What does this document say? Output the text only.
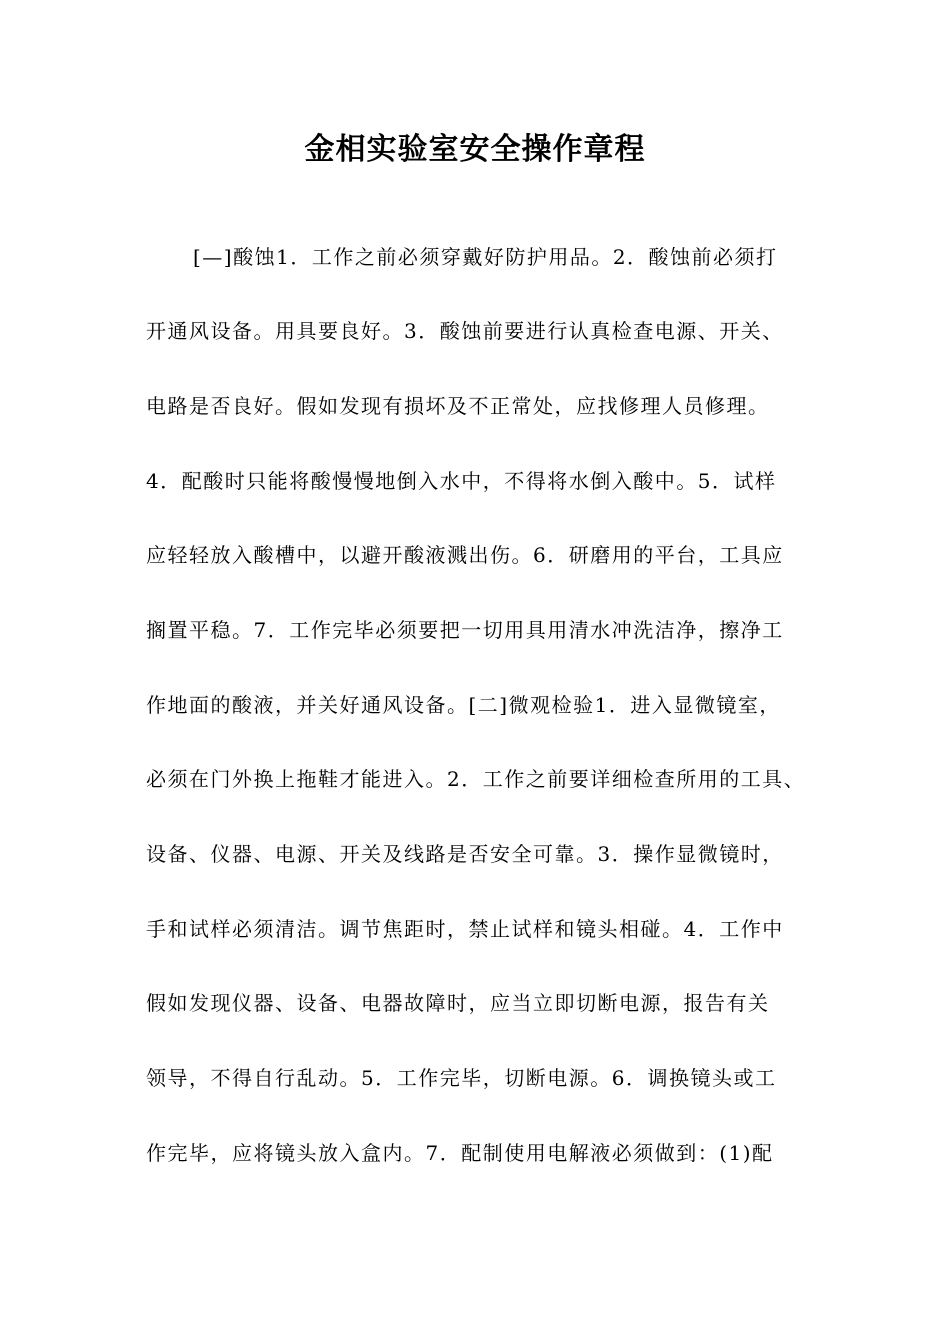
金相实验室安全操作章程
[—]酸蚀1．工作之前必须穿戴好防护用品。2．酸蚀前必须打
开通风设备。用具要良好。3．酸蚀前要进行认真检查电源、开关、
电路是否良好。假如发现有损坏及不正常处，应找修理人员修理。
4．配酸时只能将酸慢慢地倒入水中，不得将水倒入酸中。5．试样
应轻轻放入酸槽中，以避开酸液溅出伤。6．研磨用的平台，工具应
搁置平稳。7．工作完毕必须要把一切用具用清水冲洗洁净，擦净工
作地面的酸液，并关好通风设备。[二]微观检验1．进入显微镜室，
必须在门外换上拖鞋才能进入。2．工作之前要详细检查所用的工具、
设备、仪器、电源、开关及线路是否安全可靠。3．操作显微镜时，
手和试样必须清洁。调节焦距时，禁止试样和镜头相碰。4．工作中
假如发现仪器、设备、电器故障时，应当立即切断电源，报告有关
领导，不得自行乱动。5．工作完毕，切断电源。6．调换镜头或工
作完毕，应将镜头放入盒内。7．配制使用电解液必须做到：(1)配
